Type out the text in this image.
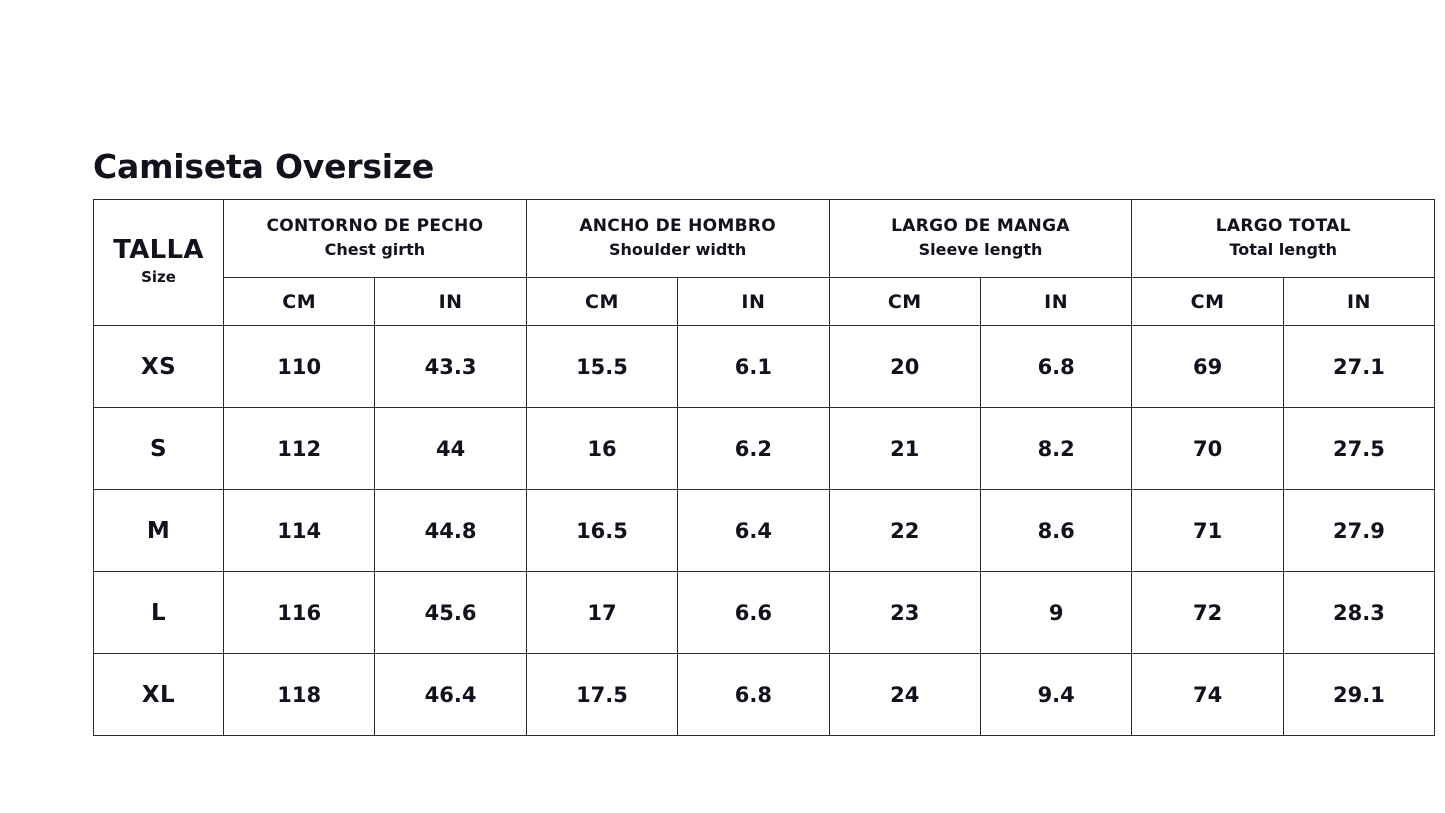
Camiseta Oversize
TALLA
Size

CONTORNO DE PECHO
Chest girth

ANCHO DE HOMBRO
Shoulder width

LARGO DE MANGA
Sleeve length

LARGO TOTAL
Total length

	CM	IN	CM	IN	CM	IN	CM	IN
XS	110	43.3	15.5	6.1	20	6.8	69	27.1
S	112	44	16	6.2	21	8.2	70	27.5
M	114	44.8	16.5	6.4	22	8.6	71	27.9
L	116	45.6	17	6.6	23	9	72	28.3
XL	118	46.4	17.5	6.8	24	9.4	74	29.1
